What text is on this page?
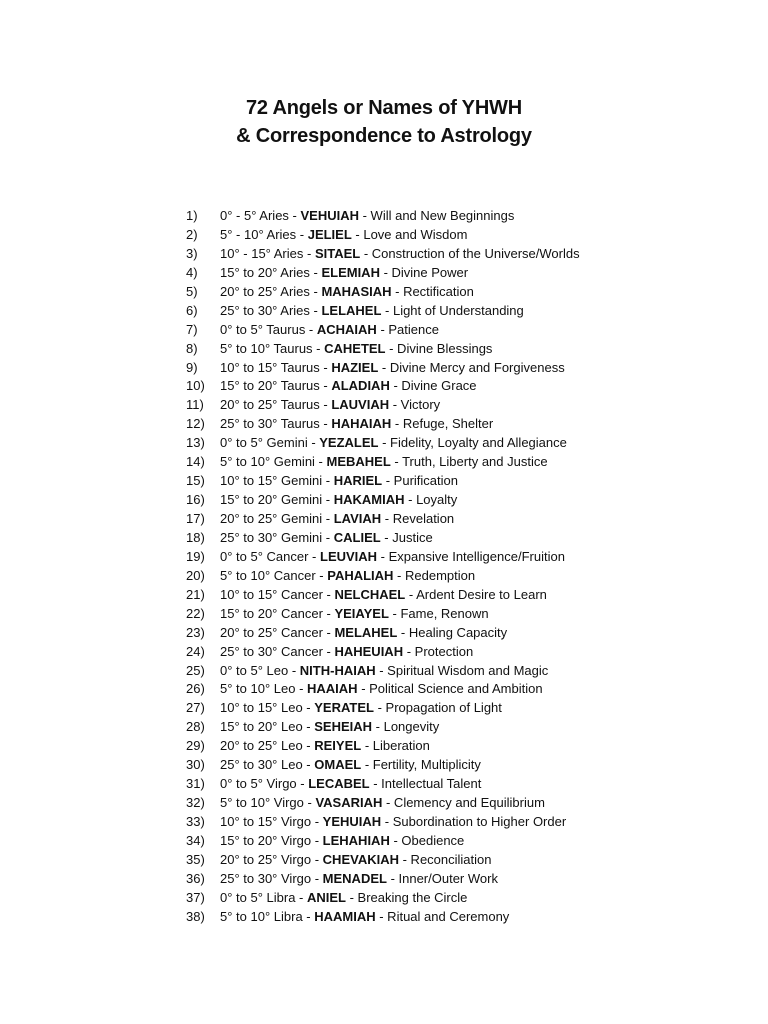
72 Angels or Names of YHWH
& Correspondence to Astrology
1)	0° - 5° Aries - VEHUIAH - Will and New Beginnings
2)	5° - 10° Aries - JELIEL - Love and Wisdom
3)	10° - 15° Aries - SITAEL - Construction of the Universe/Worlds
4)	15° to 20° Aries - ELEMIAH - Divine Power
5)	20° to 25° Aries - MAHASIAH - Rectification
6)	25° to 30° Aries - LELAHEL - Light of Understanding
7)	0° to 5° Taurus - ACHAIAH - Patience
8)	5° to 10° Taurus - CAHETEL - Divine Blessings
9)	10° to 15° Taurus - HAZIEL - Divine Mercy and Forgiveness
10)	15° to 20° Taurus - ALADIAH - Divine Grace
11)	20° to 25° Taurus - LAUVIAH - Victory
12)	25° to 30° Taurus - HAHAIAH - Refuge, Shelter
13)	0° to 5° Gemini - YEZALEL - Fidelity, Loyalty and Allegiance
14)	5° to 10° Gemini - MEBAHEL - Truth, Liberty and Justice
15)	10° to 15° Gemini - HARIEL - Purification
16)	15° to 20° Gemini - HAKAMIAH - Loyalty
17)	20° to 25° Gemini - LAVIAH - Revelation
18)	25° to 30° Gemini - CALIEL - Justice
19)	0° to 5° Cancer - LEUVIAH - Expansive Intelligence/Fruition
20)	5° to 10° Cancer - PAHALIAH - Redemption
21)	10° to 15° Cancer - NELCHAEL - Ardent Desire to Learn
22)	15° to 20° Cancer - YEIAYEL - Fame, Renown
23)	20° to 25° Cancer - MELAHEL - Healing Capacity
24)	25° to 30° Cancer - HAHEUIAH - Protection
25)	0° to 5° Leo - NITH-HAIAH - Spiritual Wisdom and Magic
26)	5° to 10° Leo - HAAIAH - Political Science and Ambition
27)	10° to 15° Leo - YERATEL - Propagation of Light
28)	15° to 20° Leo - SEHEIAH - Longevity
29)	20° to 25° Leo - REIYEL - Liberation
30)	25° to 30° Leo - OMAEL - Fertility, Multiplicity
31)	0° to 5° Virgo - LECABEL - Intellectual Talent
32)	5° to 10° Virgo - VASARIAH - Clemency and Equilibrium
33)	10° to 15° Virgo - YEHUIAH - Subordination to Higher Order
34)	15° to 20° Virgo - LEHAHIAH - Obedience
35)	20° to 25° Virgo - CHEVAKIAH - Reconciliation
36)	25° to 30° Virgo - MENADEL - Inner/Outer Work
37)	0° to 5° Libra - ANIEL - Breaking the Circle
38)	5° to 10° Libra - HAAMIAH - Ritual and Ceremony
